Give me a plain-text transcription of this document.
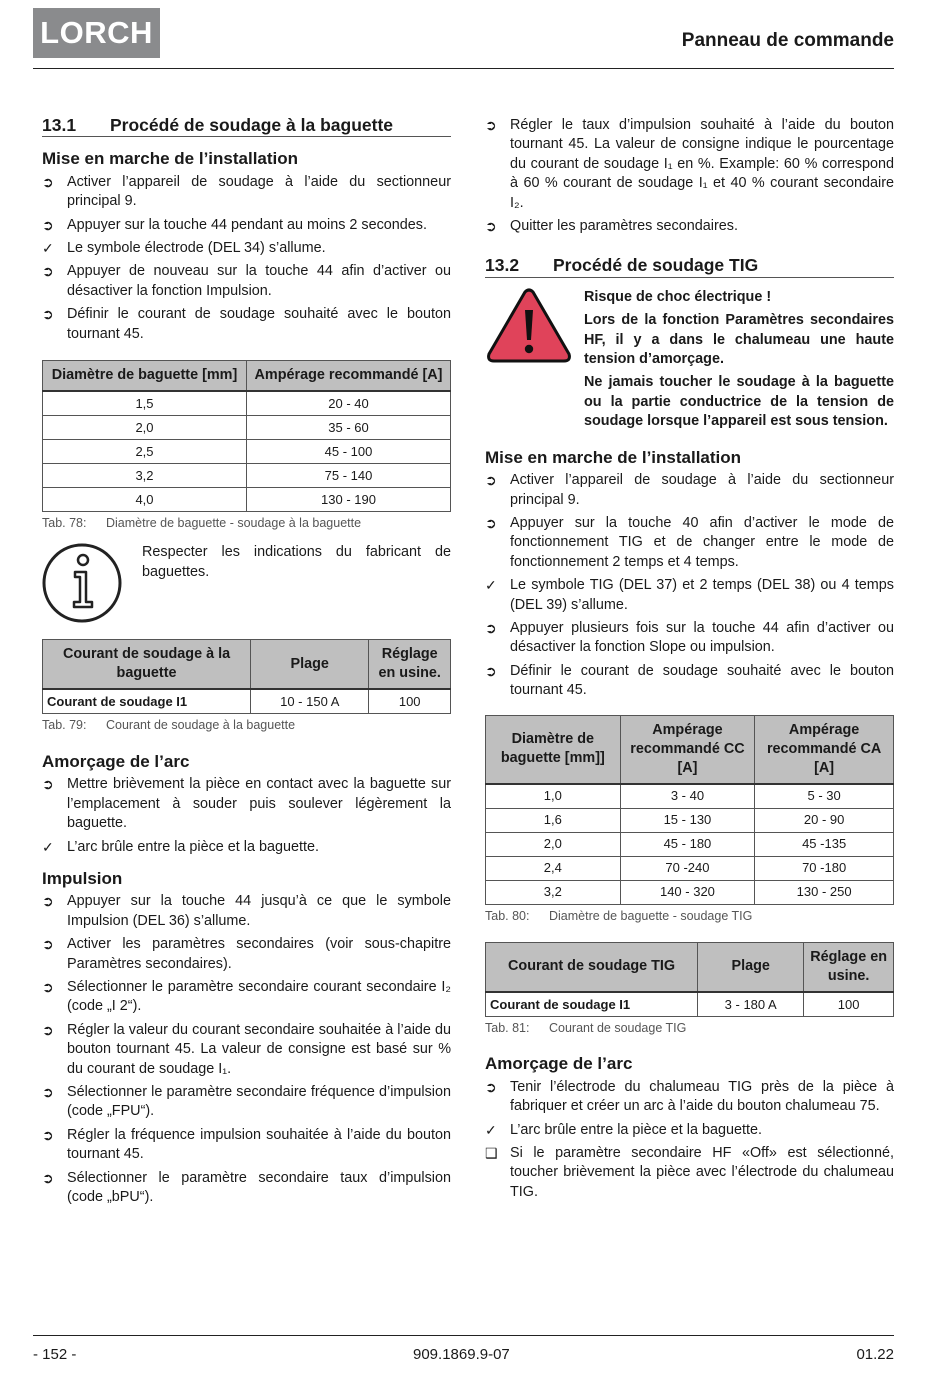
LORCH	Panneau de commande
13.1	Procédé de soudage à la baguette
Mise en marche de l’installation
➲ Activer l’appareil de soudage à l’aide du sectionneur principal 9.
➲ Appuyer sur la touche 44 pendant au moins 2 secondes.
✓ Le symbole électrode (DEL 34) s’allume.
➲ Appuyer de nouveau sur la touche 44 afin d’activer ou désactiver la fonction Impulsion.
➲ Définir le courant de soudage souhaité avec le bouton tournant 45.
Diamètre de baguette [mm]	Ampérage recommandé [A]
1,5	20 - 40
2,0	35 - 60
2,5	45 - 100
3,2	75 - 140
4,0	130 - 190
Tab. 78:	Diamètre de baguette - soudage à la baguette
Respecter les indications du fabricant de baguettes.
Courant de soudage à la baguette	Plage	Réglage en usine.
Courant de soudage I1	10 - 150 A	100
Tab. 79:	Courant de soudage à la baguette
Amorçage de l’arc
➲ Mettre brièvement la pièce en contact avec la baguette sur l’emplacement à souder puis soulever légèrement la baguette.
✓ L’arc brûle entre la pièce et la baguette.
Impulsion
➲ Appuyer sur la touche 44 jusqu’à ce que le symbole Impulsion (DEL 36) s’allume.
➲ Activer les paramètres secondaires (voir sous-chapitre Paramètres secondaires).
➲ Sélectionner le paramètre secondaire courant secondaire I₂ (code „I 2“).
➲ Régler la valeur du courant secondaire souhaitée à l’aide du bouton tournant 45. La valeur de consigne est basé sur % du courant de soudage I₁.
➲ Sélectionner le paramètre secondaire fréquence d’impulsion (code „FPU“).
➲ Régler la fréquence impulsion souhaitée à l’aide du bouton tournant 45.
➲ Sélectionner le paramètre secondaire taux d’impulsion (code „bPU“).
➲ Régler le taux d’impulsion souhaité à l’aide du bouton tournant 45. La valeur de consigne indique le pourcentage du courant de soudage I₁ en %. Example: 60 % correspond à 60 % courant de soudage I₁ et 40 % courant secondaire I₂.
➲ Quitter les paramètres secondaires.
13.2	Procédé de soudage TIG

Risque de choc électrique !

Lors de la fonction Paramètres secondaires HF, il y a dans le chalumeau une haute tension d’amorçage.

Ne jamais toucher le soudage à la baguette ou la partie conductrice de la tension de soudage lorsque l’appareil est sous tension.

Mise en marche de l’installation
➲ Activer l’appareil de soudage à l’aide du sectionneur principal 9.
➲ Appuyer sur la touche 40 afin d’activer le mode de fonctionnement TIG et de changer entre le mode de fonctionnement 2 temps et 4 temps.
✓ Le symbole TIG (DEL 37) et 2 temps (DEL 38) ou 4 temps (DEL 39) s’allume.
➲ Appuyer plusieurs fois sur la touche 44 afin d’activer ou désactiver la fonction Slope ou impulsion.
➲ Définir le courant de soudage souhaité avec le bouton tournant 45.
Diamètre de baguette [mm]]	Ampérage recommandé CC [A]	Ampérage recommandé CA [A]
1,0	3 - 40	5 - 30
1,6	15 - 130	20 - 90
2,0	45 - 180	45 -135
2,4	70 -240	70 -180
3,2	140 - 320	130 - 250
Tab. 80:	Diamètre de baguette - soudage TIG
Courant de soudage TIG	Plage	Réglage en usine.
Courant de soudage I1	3 - 180 A	100
Tab. 81:	Courant de soudage TIG
Amorçage de l’arc
➲ Tenir l’électrode du chalumeau TIG près de la pièce à fabriquer et créer un arc à l’aide du bouton chalumeau 75.
✓ L’arc brûle entre la pièce et la baguette.
❑ Si le paramètre secondaire HF «Off» est sélectionné, toucher brièvement la pièce avec l’électrode du chalumeau TIG.
- 152 -	909.1869.9-07	01.22
